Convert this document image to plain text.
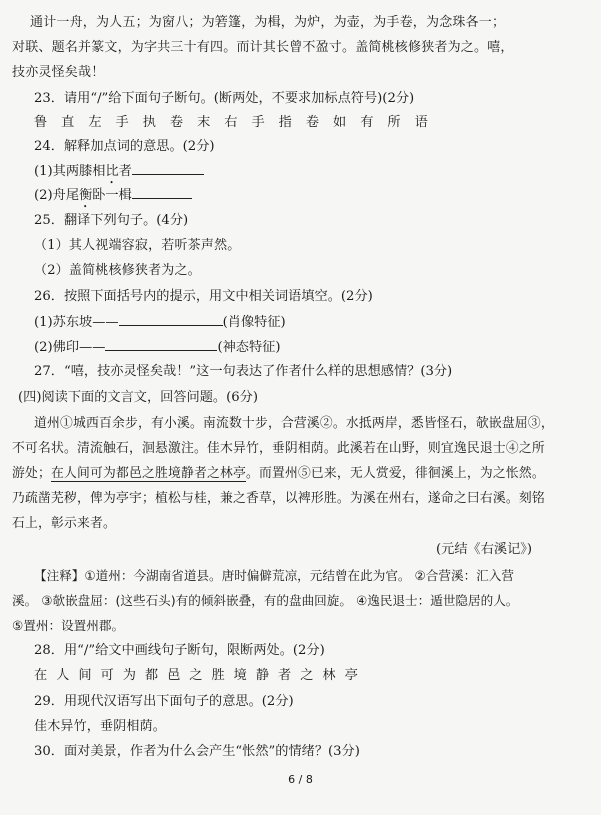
通计一舟，为人五；为窗八；为箬篷，为楫，为炉，为壶，为手卷，为念珠各一；
对联、题名并篆文，为字共三十有四。而计其长曾不盈寸。盖简桃核修狭者为之。嘻，
技亦灵怪矣哉！
23．请用“/”给下面句子断句。(断两处，不要求加标点符号)(2分)
鲁直左手执卷末右手指卷如有所语
24．解释加点词的意思。(2分)
(1)其两膝相比者
(2)舟尾衡卧一楫
25．翻译下列句子。(4分)
（1）其人视端容寂，若听茶声然。
（2）盖简桃核修狭者为之。
26．按照下面括号内的提示，用文中相关词语填空。(2分)
(1)苏东坡——	(肖像特征)
(2)佛印——	(神态特征)
27．“嘻，技亦灵怪矣哉！”这一句表达了作者什么样的思想感情？(3分)
(四)阅读下面的文言文，回答问题。(6分)
道州①城西百余步，有小溪。南流数十步，合营溪②。水抵两岸，悉皆怪石，欹嵌盘屈③，
不可名状。清流触石，洄悬激注。佳木异竹，垂阴相荫。此溪若在山野，则宜逸民退士④之所
游处；在人间可为都邑之胜境静者之林亭。而置州⑤已来，无人赏爱，徘徊溪上，为之怅然。
乃疏凿芜秽，俾为亭宇；植松与桂，兼之香草，以裨形胜。为溪在州右，遂命之曰右溪。刻铭
石上，彰示来者。
(元结《右溪记》)
【注释】①道州：今湖南省道县。唐时偏僻荒凉，元结曾在此为官。 ②合营溪：汇入营
溪。 ③欹嵌盘屈：(这些石头)有的倾斜嵌叠，有的盘曲回旋。 ④逸民退士：遁世隐居的人。
⑤置州：设置州郡。
28．用“/”给文中画线句子断句，限断两处。(2分)
在人间可为都邑之胜境静者之林亭
29．用现代汉语写出下面句子的意思。(2分)
佳木异竹，垂阴相荫。
30．面对美景，作者为什么会产生“怅然”的情绪？(3分)
6 / 8
